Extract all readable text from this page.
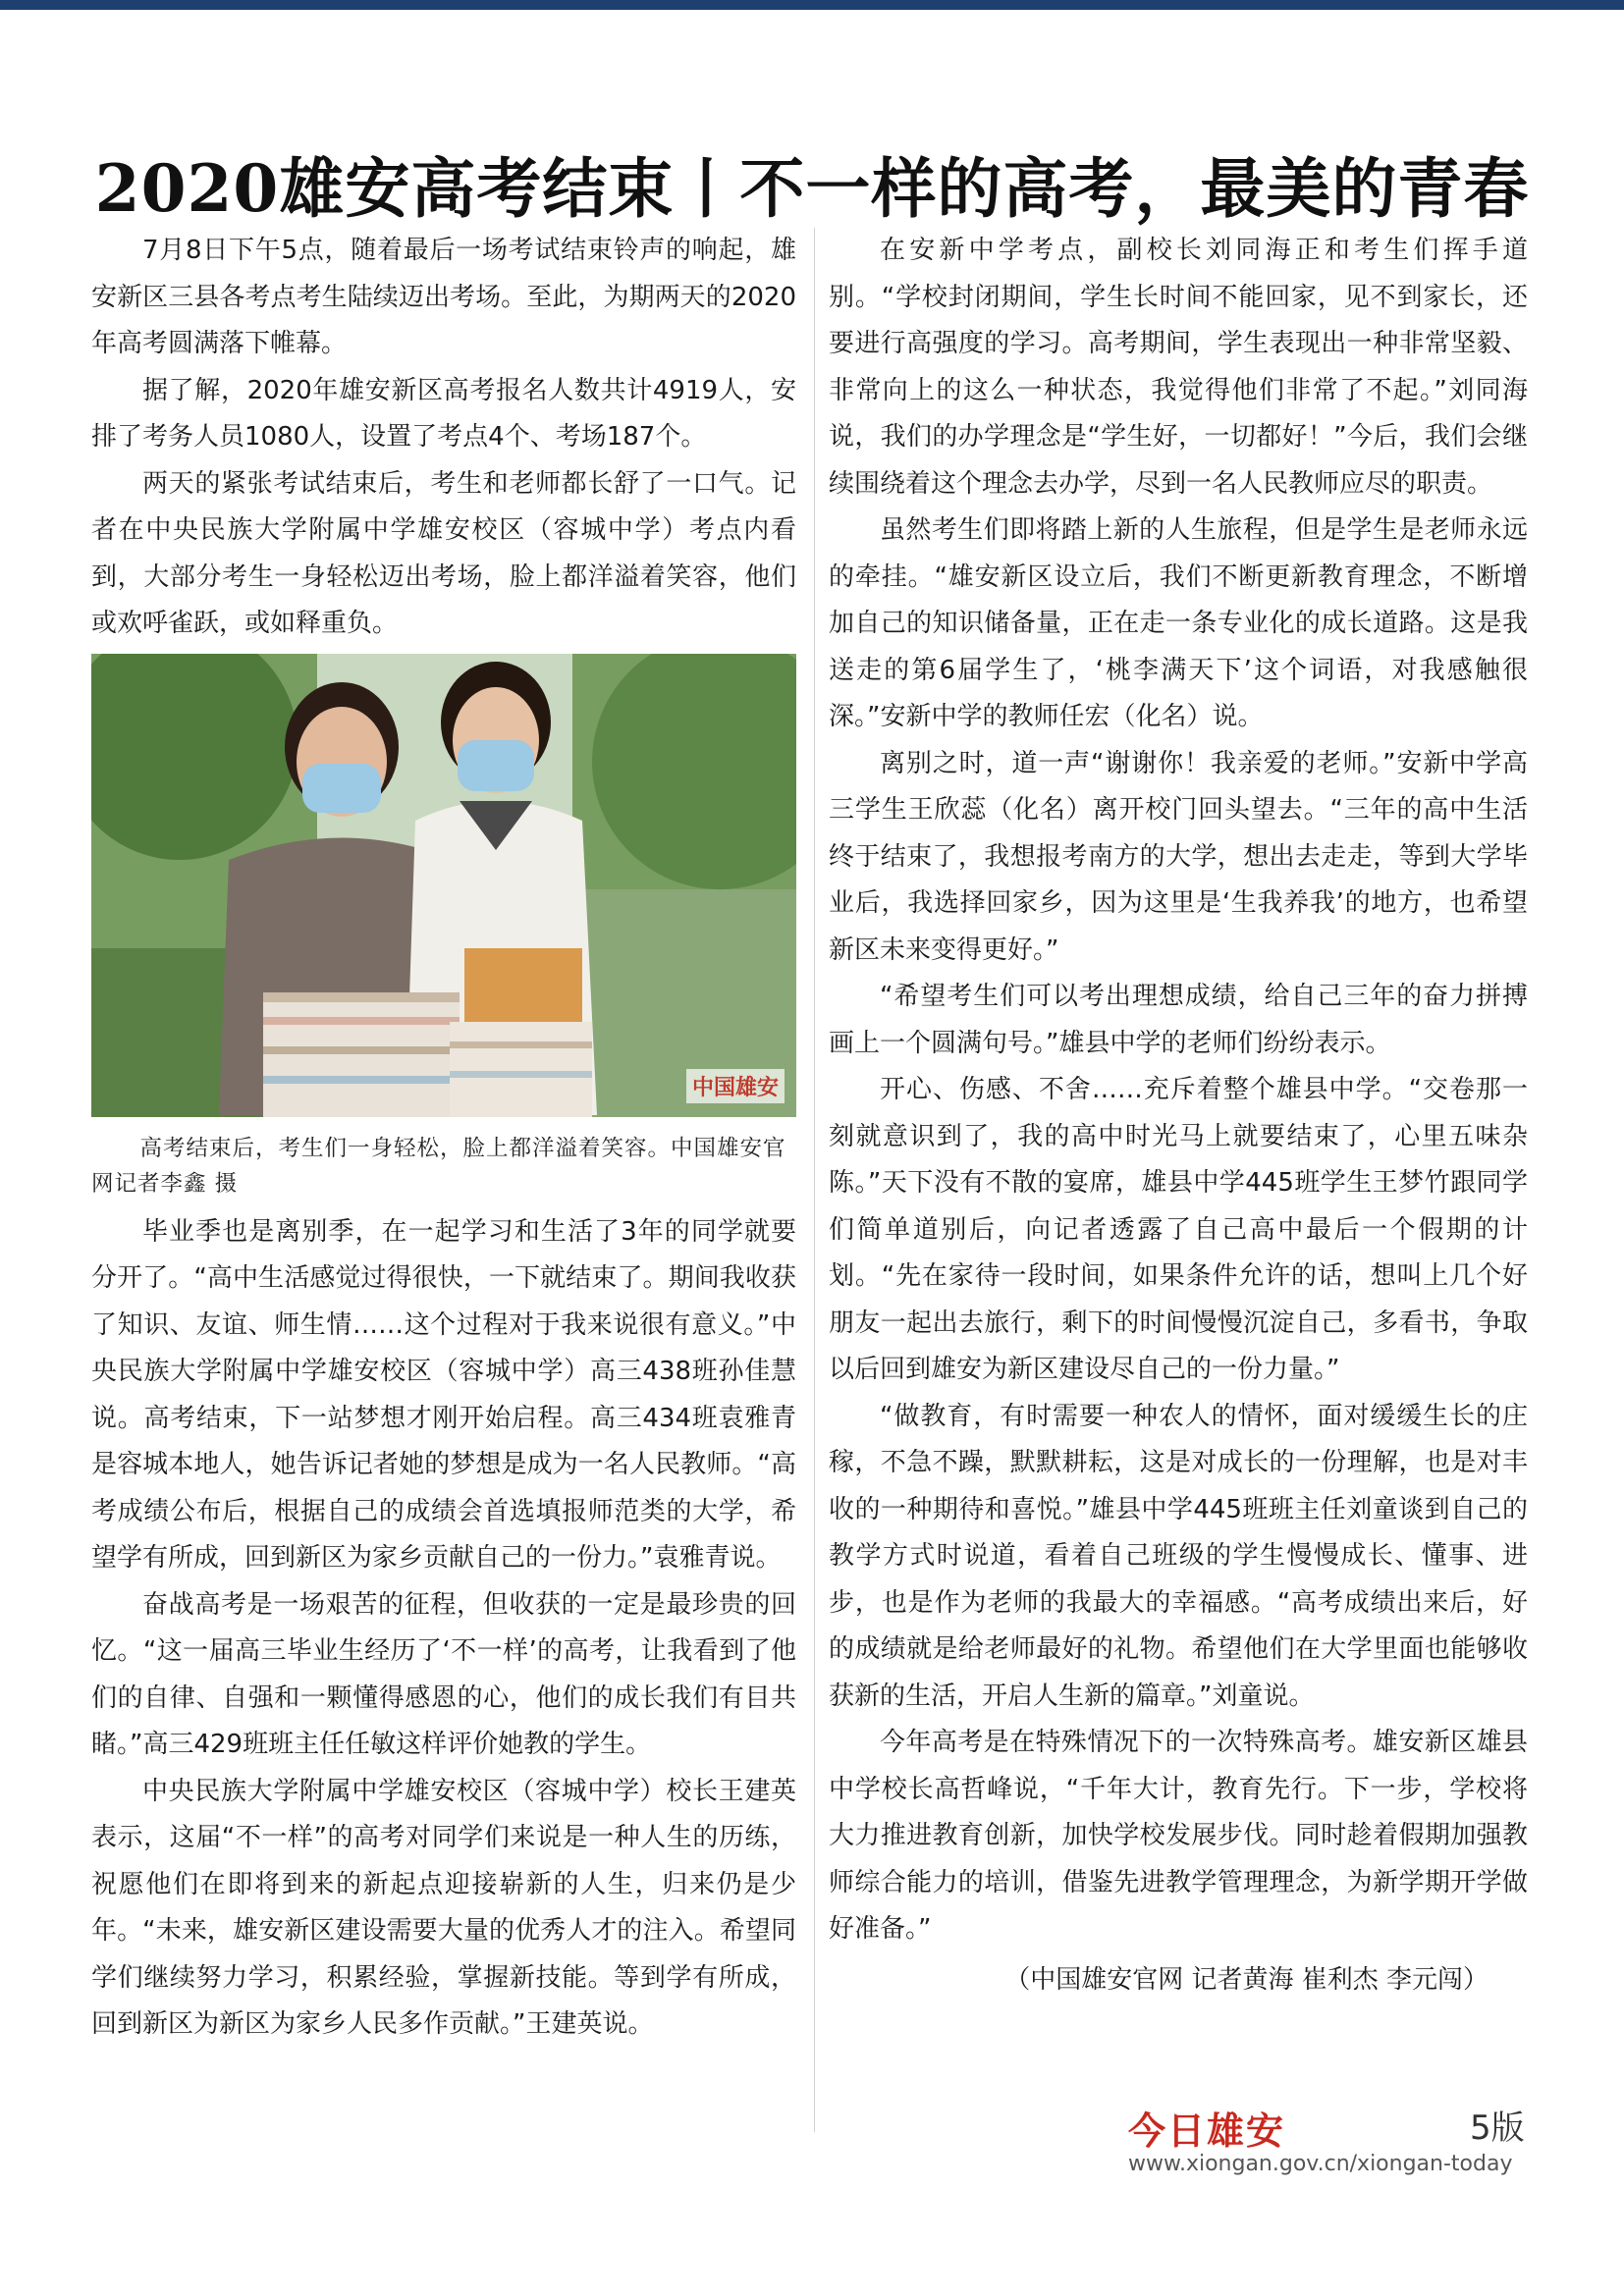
2020雄安高考结束丨不一样的高考，最美的青春

7月8日下午5点，随着最后一场考试结束铃声的响起，雄安新区三县各考点考生陆续迈出考场。至此，为期两天的2020年高考圆满落下帷幕。

据了解，2020年雄安新区高考报名人数共计4919人，安排了考务人员1080人，设置了考点4个、考场187个。

两天的紧张考试结束后，考生和老师都长舒了一口气。记者在中央民族大学附属中学雄安校区（容城中学）考点内看到，大部分考生一身轻松迈出考场，脸上都洋溢着笑容，他们或欢呼雀跃，或如释重负。

中国雄安

高考结束后，考生们一身轻松，脸上都洋溢着笑容。中国雄安官网记者李鑫 摄

毕业季也是离别季，在一起学习和生活了3年的同学就要分开了。“高中生活感觉过得很快，一下就结束了。期间我收获了知识、友谊、师生情……这个过程对于我来说很有意义。”中央民族大学附属中学雄安校区（容城中学）高三438班孙佳慧说。高考结束，下一站梦想才刚开始启程。高三434班袁雅青是容城本地人，她告诉记者她的梦想是成为一名人民教师。“高考成绩公布后，根据自己的成绩会首选填报师范类的大学，希望学有所成，回到新区为家乡贡献自己的一份力。”袁雅青说。

奋战高考是一场艰苦的征程，但收获的一定是最珍贵的回忆。“这一届高三毕业生经历了‘不一样’的高考，让我看到了他们的自律、自强和一颗懂得感恩的心，他们的成长我们有目共睹。”高三429班班主任任敏这样评价她教的学生。

中央民族大学附属中学雄安校区（容城中学）校长王建英表示，这届“不一样”的高考对同学们来说是一种人生的历练，祝愿他们在即将到来的新起点迎接崭新的人生，归来仍是少年。“未来，雄安新区建设需要大量的优秀人才的注入。希望同学们继续努力学习，积累经验，掌握新技能。等到学有所成，回到新区为新区为家乡人民多作贡献。”王建英说。

在安新中学考点，副校长刘同海正和考生们挥手道别。“学校封闭期间，学生长时间不能回家，见不到家长，还要进行高强度的学习。高考期间，学生表现出一种非常坚毅、非常向上的这么一种状态，我觉得他们非常了不起。”刘同海说，我们的办学理念是“学生好，一切都好！”今后，我们会继续围绕着这个理念去办学，尽到一名人民教师应尽的职责。

虽然考生们即将踏上新的人生旅程，但是学生是老师永远的牵挂。“雄安新区设立后，我们不断更新教育理念，不断增加自己的知识储备量，正在走一条专业化的成长道路。这是我送走的第6届学生了，‘桃李满天下’这个词语，对我感触很深。”安新中学的教师任宏（化名）说。

离别之时，道一声“谢谢你！我亲爱的老师。”安新中学高三学生王欣蕊（化名）离开校门回头望去。“三年的高中生活终于结束了，我想报考南方的大学，想出去走走，等到大学毕业后，我选择回家乡，因为这里是‘生我养我’的地方，也希望新区未来变得更好。”

“希望考生们可以考出理想成绩，给自己三年的奋力拼搏画上一个圆满句号。”雄县中学的老师们纷纷表示。

开心、伤感、不舍……充斥着整个雄县中学。“交卷那一刻就意识到了，我的高中时光马上就要结束了，心里五味杂陈。”天下没有不散的宴席，雄县中学445班学生王梦竹跟同学们简单道别后，向记者透露了自己高中最后一个假期的计划。“先在家待一段时间，如果条件允许的话，想叫上几个好朋友一起出去旅行，剩下的时间慢慢沉淀自己，多看书，争取以后回到雄安为新区建设尽自己的一份力量。”

“做教育，有时需要一种农人的情怀，面对缓缓生长的庄稼，不急不躁，默默耕耘，这是对成长的一份理解，也是对丰收的一种期待和喜悦。”雄县中学445班班主任刘童谈到自己的教学方式时说道，看着自己班级的学生慢慢成长、懂事、进步，也是作为老师的我最大的幸福感。“高考成绩出来后，好的成绩就是给老师最好的礼物。希望他们在大学里面也能够收获新的生活，开启人生新的篇章。”刘童说。

今年高考是在特殊情况下的一次特殊高考。雄安新区雄县中学校长高哲峰说，“千年大计，教育先行。下一步，学校将大力推进教育创新，加快学校发展步伐。同时趁着假期加强教师综合能力的培训，借鉴先进教学管理理念，为新学期开学做好准备。”

（中国雄安官网 记者黄海 崔利杰 李元闯）

今日雄安	5版
www.xiongan.gov.cn/xiongan-today
